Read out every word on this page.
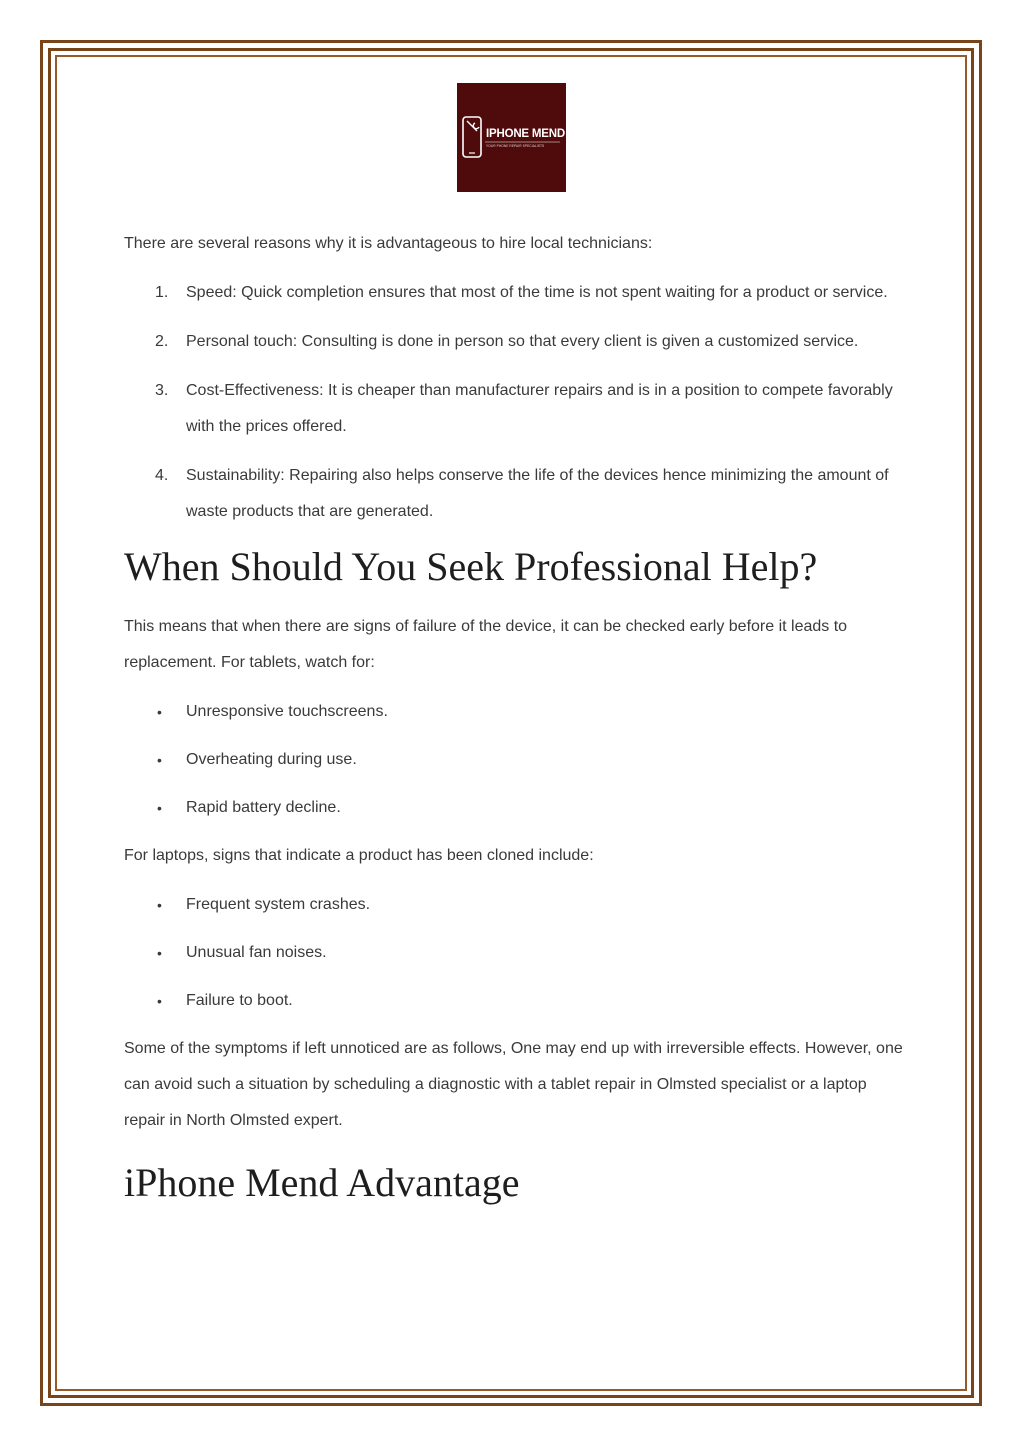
IPHONE MEND
YOUR PHONE REPAIR SPECIALISTS

There are several reasons why it is advantageous to hire local technicians:

1. Speed: Quick completion ensures that most of the time is not spent waiting for a product or service.
2. Personal touch: Consulting is done in person so that every client is given a customized service.
3. Cost-Effectiveness: It is cheaper than manufacturer repairs and is in a position to compete favorably with the prices offered.
4. Sustainability: Repairing also helps conserve the life of the devices hence minimizing the amount of waste products that are generated.
When Should You Seek Professional Help?

This means that when there are signs of failure of the device, it can be checked early before it leads to replacement. For tablets, watch for:

• Unresponsive touchscreens.
• Overheating during use.
• Rapid battery decline.

For laptops, signs that indicate a product has been cloned include:

• Frequent system crashes.
• Unusual fan noises.
• Failure to boot.

Some of the symptoms if left unnoticed are as follows, One may end up with irreversible effects. However, one can avoid such a situation by scheduling a diagnostic with a tablet repair in Olmsted specialist or a laptop repair in North Olmsted expert.

iPhone Mend Advantage
